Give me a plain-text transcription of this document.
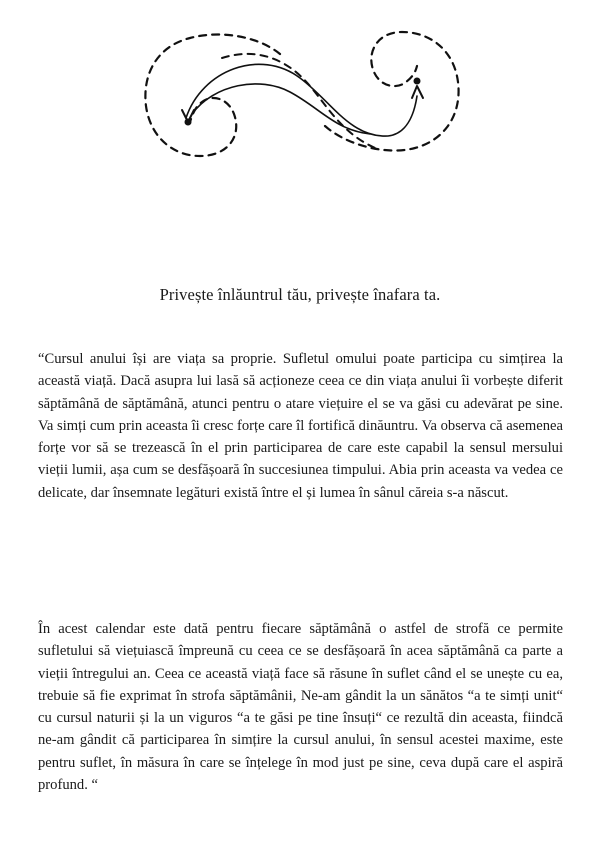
Privește înlăuntrul tău, privește înafara ta.

“Cursul anului își are viața sa proprie. Sufletul omului poate participa cu simțirea la această viață. Dacă asupra lui lasă să acționeze ceea ce din viața anului îi vorbește diferit săptămână de săptămână, atunci pentru o atare viețuire el se va găsi cu adevărat pe sine. Va simți cum prin aceasta îi cresc forțe care îl fortifică dinăuntru. Va observa că asemenea forțe vor să se trezească în el prin participarea de care este capabil la sensul mersului vieții lumii, așa cum se desfășoară în succesiunea timpului. Abia prin aceasta va vedea ce delicate, dar însemnate legături există între el și lumea în sânul căreia s-a născut.

În acest calendar este dată pentru fiecare săptămână o astfel de strofă ce permite sufletului să viețuiască împreună cu ceea ce se desfășoară în acea săptămână ca parte a vieții întregului an. Ceea ce această viață face să răsune în suflet când el se unește cu ea, trebuie să fie exprimat în strofa săptămânii, Ne-am gândit la un sănătos “a te simți unit“ cu cursul naturii și la un viguros “a te găsi pe tine însuți“ ce rezultă din aceasta, fiindcă ne-am gândit că participarea în simțire la cursul anului, în sensul acestei maxime, este pentru suflet, în măsura în care se înțelege în mod just pe sine, ceva după care el aspiră profund. “
